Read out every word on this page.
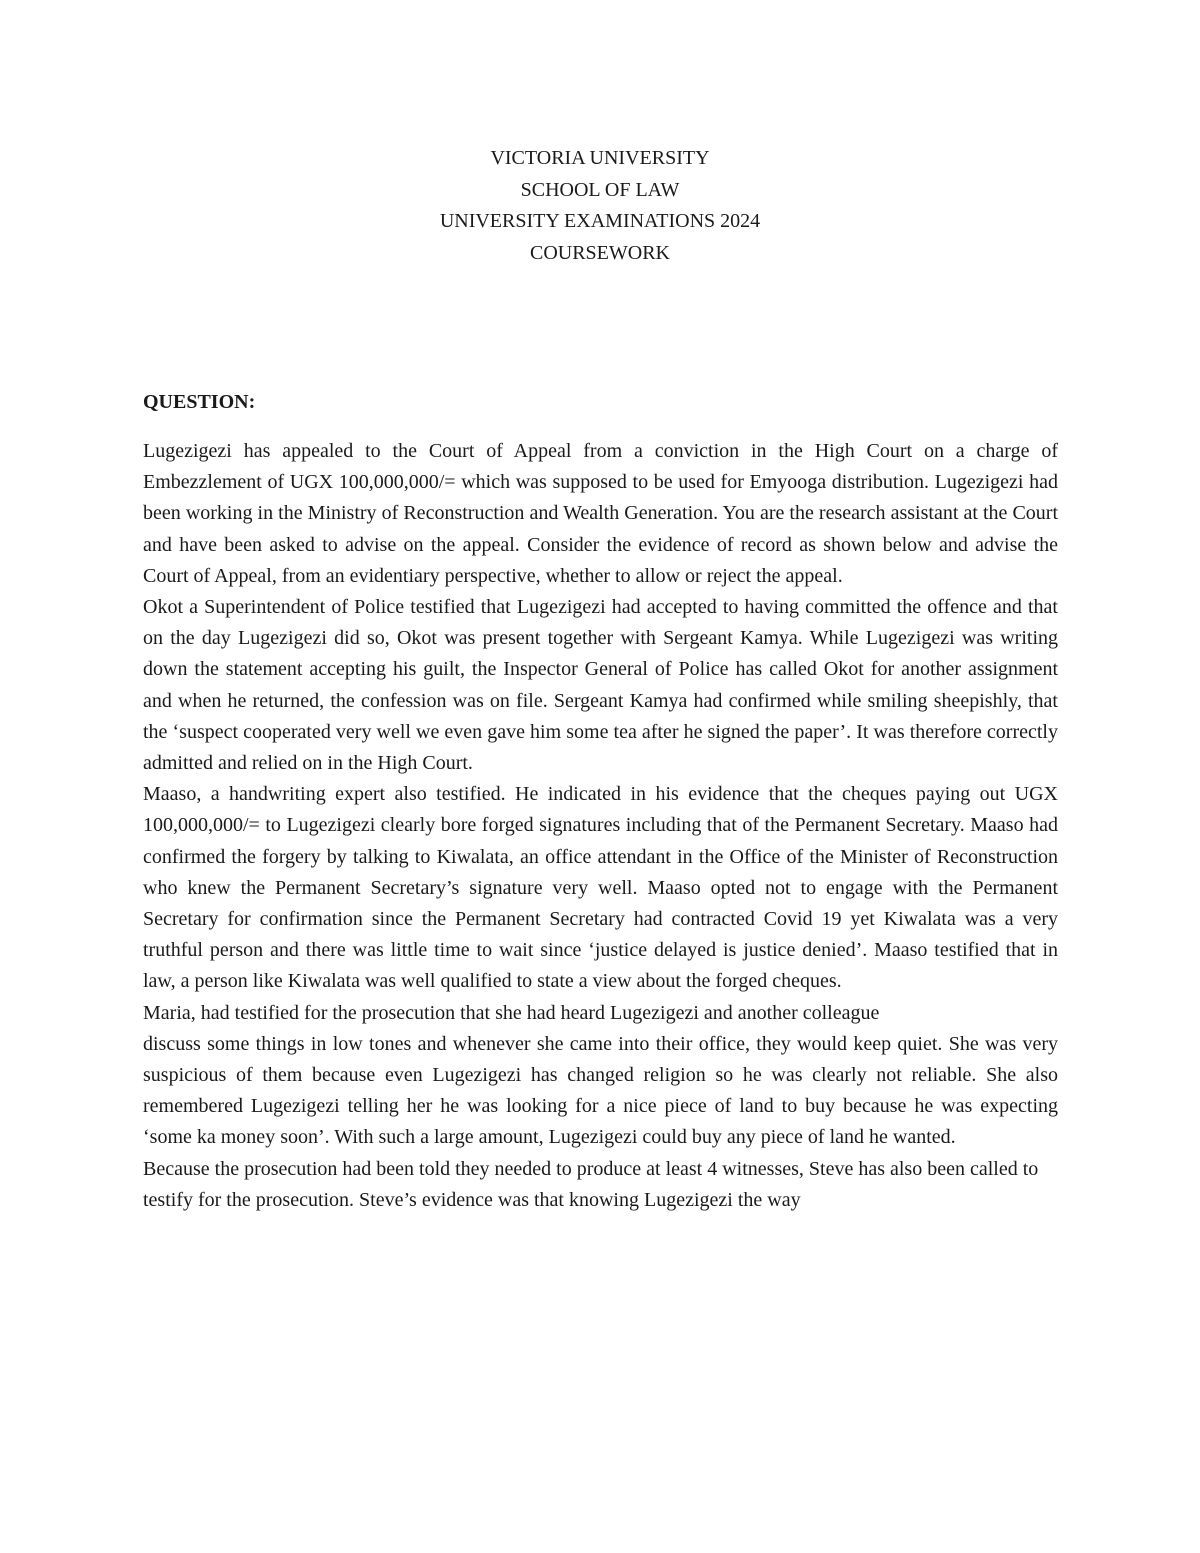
VICTORIA UNIVERSITY
SCHOOL OF LAW
UNIVERSITY EXAMINATIONS 2024
COURSEWORK
QUESTION:

Lugezigezi has appealed to the Court of Appeal from a conviction in the High Court on a charge of Embezzlement of UGX 100,000,000/= which was supposed to be used for Emyooga distribution. Lugezigezi had been working in the Ministry of Reconstruction and Wealth Generation. You are the research assistant at the Court and have been asked to advise on the appeal. Consider the evidence of record as shown below and advise the Court of Appeal, from an evidentiary perspective, whether to allow or reject the appeal.

Okot a Superintendent of Police testified that Lugezigezi had accepted to having committed the offence and that on the day Lugezigezi did so, Okot was present together with Sergeant Kamya. While Lugezigezi was writing down the statement accepting his guilt, the Inspector General of Police has called Okot for another assignment and when he returned, the confession was on file. Sergeant Kamya had confirmed while smiling sheepishly, that the ‘suspect cooperated very well we even gave him some tea after he signed the paper’. It was therefore correctly admitted and relied on in the High Court.

Maaso, a handwriting expert also testified. He indicated in his evidence that the cheques paying out UGX 100,000,000/= to Lugezigezi clearly bore forged signatures including that of the Permanent Secretary. Maaso had confirmed the forgery by talking to Kiwalata, an office attendant in the Office of the Minister of Reconstruction who knew the Permanent Secretary’s signature very well. Maaso opted not to engage with the Permanent Secretary for confirmation since the Permanent Secretary had contracted Covid 19 yet Kiwalata was a very truthful person and there was little time to wait since ‘justice delayed is justice denied’. Maaso testified that in law, a person like Kiwalata was well qualified to state a view about the forged cheques.

Maria, had testified for the prosecution that she had heard Lugezigezi and another colleague

discuss some things in low tones and whenever she came into their office, they would keep quiet. She was very suspicious of them because even Lugezigezi has changed religion so he was clearly not reliable. She also remembered Lugezigezi telling her he was looking for a nice piece of land to buy because he was expecting ‘some ka money soon’. With such a large amount, Lugezigezi could buy any piece of land he wanted.

Because the prosecution had been told they needed to produce at least 4 witnesses, Steve has also been called to testify for the prosecution. Steve’s evidence was that knowing Lugezigezi the way
